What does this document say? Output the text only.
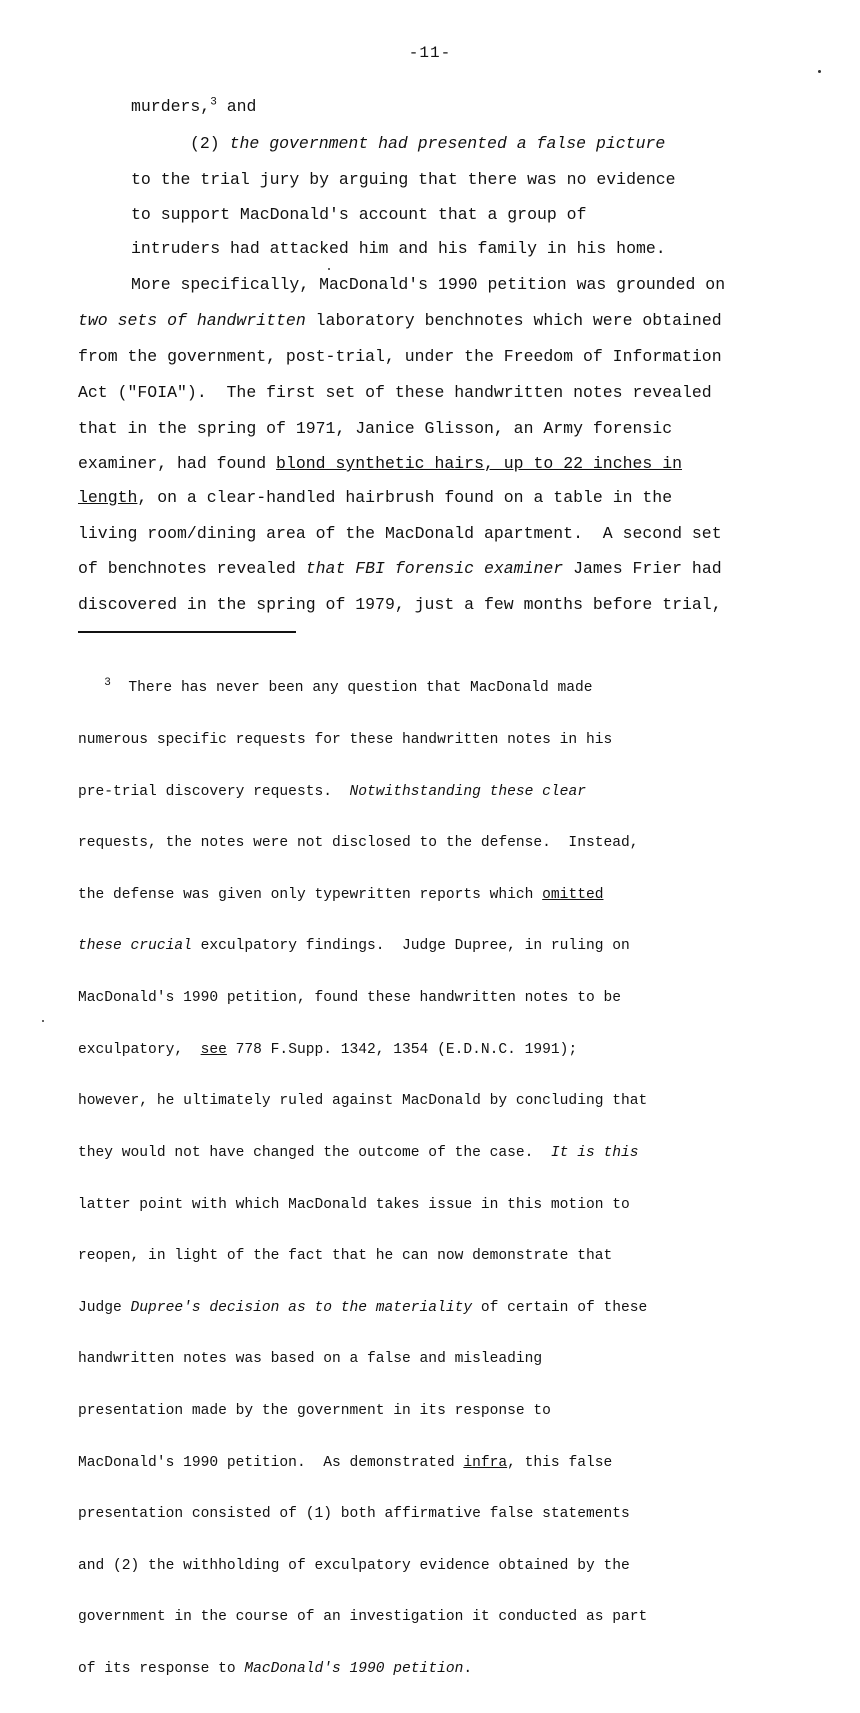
-11-
murders,$^3$ and
(2) the government had presented a false picture
to the trial jury by arguing that there was no evidence
to support MacDonald's account that a group of
intruders had attacked him and his family in his home.
More specifically, MacDonald's 1990 petition was grounded on
two sets of handwritten laboratory benchnotes which were obtained
from the government, post-trial, under the Freedom of Information
Act ("FOIA").  The first set of these handwritten notes revealed
that in the spring of 1971, Janice Glisson, an Army forensic
examiner, had found blond synthetic hairs, up to 22 inches in
length, on a clear-handled hairbrush found on a table in the
living room/dining area of the MacDonald apartment.  A second set
of benchnotes revealed that FBI forensic examiner James Frier had
discovered in the spring of 1979, just a few months before trial,

$^3$  There has never been any question that MacDonald made

numerous specific requests for these handwritten notes in his

pre-trial discovery requests.  Notwithstanding these clear

requests, the notes were not disclosed to the defense.  Instead,

the defense was given only typewritten reports which omitted

these crucial exculpatory findings.  Judge Dupree, in ruling on

MacDonald's 1990 petition, found these handwritten notes to be

exculpatory,  see 778 F.Supp. 1342, 1354 (E.D.N.C. 1991);

however, he ultimately ruled against MacDonald by concluding that

they would not have changed the outcome of the case.  It is this

latter point with which MacDonald takes issue in this motion to

reopen, in light of the fact that he can now demonstrate that

Judge Dupree's decision as to the materiality of certain of these

handwritten notes was based on a false and misleading

presentation made by the government in its response to

MacDonald's 1990 petition.  As demonstrated infra, this false

presentation consisted of (1) both affirmative false statements

and (2) the withholding of exculpatory evidence obtained by the

government in the course of an investigation it conducted as part

of its response to MacDonald's 1990 petition.
